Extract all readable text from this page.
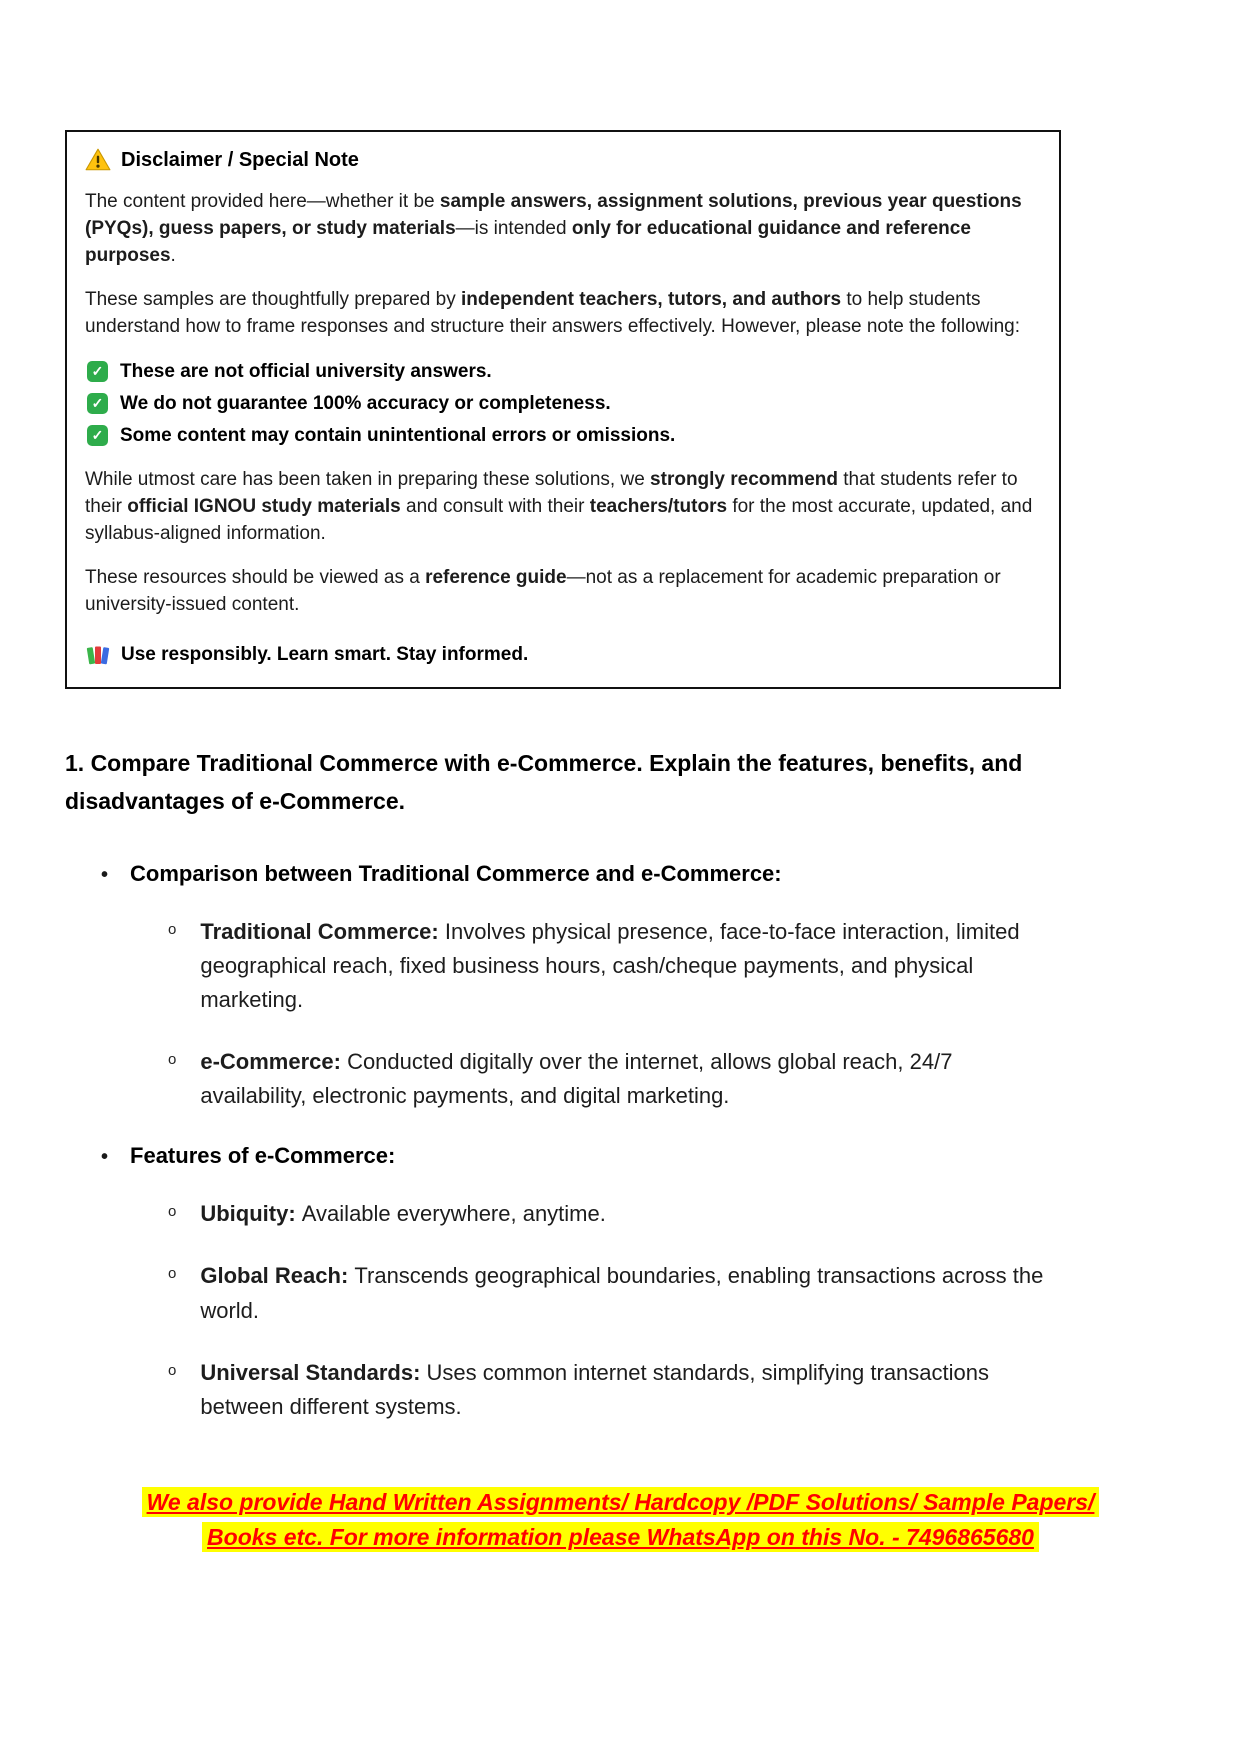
Disclaimer / Special Note

The content provided here—whether it be sample answers, assignment solutions, previous year questions (PYQs), guess papers, or study materials—is intended only for educational guidance and reference purposes.

These samples are thoughtfully prepared by independent teachers, tutors, and authors to help students understand how to frame responses and structure their answers effectively. However, please note the following:

✓ These are not official university answers.
✓ We do not guarantee 100% accuracy or completeness.
✓ Some content may contain unintentional errors or omissions.

While utmost care has been taken in preparing these solutions, we strongly recommend that students refer to their official IGNOU study materials and consult with their teachers/tutors for the most accurate, updated, and syllabus-aligned information.

These resources should be viewed as a reference guide—not as a replacement for academic preparation or university-issued content.

Use responsibly. Learn smart. Stay informed.
1. Compare Traditional Commerce with e-Commerce. Explain the features, benefits, and disadvantages of e-Commerce.
• Comparison between Traditional Commerce and e-Commerce:
o Traditional Commerce: Involves physical presence, face-to-face interaction, limited geographical reach, fixed business hours, cash/cheque payments, and physical marketing.

o e-Commerce: Conducted digitally over the internet, allows global reach, 24/7 availability, electronic payments, and digital marketing.

• Features of e-Commerce:
o Ubiquity: Available everywhere, anytime.

o Global Reach: Transcends geographical boundaries, enabling transactions across the world.

o Universal Standards: Uses common internet standards, simplifying transactions between different systems.

We also provide Hand Written Assignments/ Hardcopy /PDF Solutions/ Sample Papers/
Books etc. For more information please WhatsApp on this No. - 7496865680
